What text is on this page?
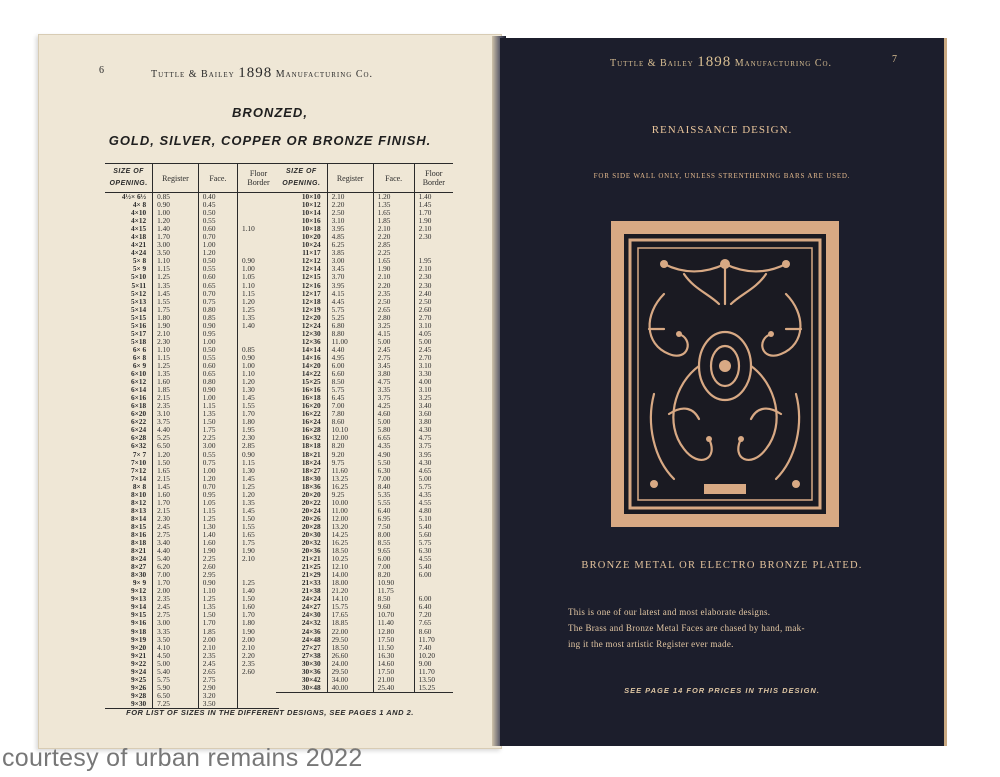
6	Tuttle & Bailey 1898 Manufacturing Co.
BRONZED,
GOLD, SILVER, COPPER OR BRONZE FINISH.
SIZE OF OPENING.	Register	Face.	Floor Border
4½× 6½	0.85	0.40	
4× 8	0.90	0.45	
4×10	1.00	0.50	
4×12	1.20	0.55	
4×15	1.40	0.60	1.10
4×18	1.70	0.70	
4×21	3.00	1.00	
4×24	3.50	1.20	
5× 8	1.10	0.50	0.90
5× 9	1.15	0.55	1.00
5×10	1.25	0.60	1.05
5×11	1.35	0.65	1.10
5×12	1.45	0.70	1.15
5×13	1.55	0.75	1.20
5×14	1.75	0.80	1.25
5×15	1.80	0.85	1.35
5×16	1.90	0.90	1.40
5×17	2.10	0.95	
5×18	2.30	1.00	
6× 6	1.10	0.50	0.85
6× 8	1.15	0.55	0.90
6× 9	1.25	0.60	1.00
6×10	1.35	0.65	1.10
6×12	1.60	0.80	1.20
6×14	1.85	0.90	1.30
6×16	2.15	1.00	1.45
6×18	2.35	1.15	1.55
6×20	3.10	1.35	1.70
6×22	3.75	1.50	1.80
6×24	4.40	1.75	1.95
6×28	5.25	2.25	2.30
6×32	6.50	3.00	2.85
7× 7	1.20	0.55	0.90
7×10	1.50	0.75	1.15
7×12	1.65	1.00	1.30
7×14	2.15	1.20	1.45
8× 8	1.45	0.70	1.25
8×10	1.60	0.95	1.20
8×12	1.70	1.05	1.35
8×13	2.15	1.15	1.45
8×14	2.30	1.25	1.50
8×15	2.45	1.30	1.55
8×16	2.75	1.40	1.65
8×18	3.40	1.60	1.75
8×21	4.40	1.90	1.90
8×24	5.40	2.25	2.10
8×27	6.20	2.60	
8×30	7.00	2.95	
9× 9	1.70	0.90	1.25
9×12	2.00	1.10	1.40
9×13	2.35	1.25	1.50
9×14	2.45	1.35	1.60
9×15	2.75	1.50	1.70
9×16	3.00	1.70	1.80
9×18	3.35	1.85	1.90
9×19	3.50	2.00	2.00
9×20	4.10	2.10	2.10
9×21	4.50	2.35	2.20
9×22	5.00	2.45	2.35
9×24	5.40	2.65	2.60
9×25	5.75	2.75	
9×26	5.90	2.90	
9×28	6.50	3.20	
9×30	7.25	3.50	
SIZE OF OPENING.	Register	Face.	Floor Border
10×10	2.10	1.20	1.40
10×12	2.20	1.35	1.45
10×14	2.50	1.65	1.70
10×16	3.10	1.85	1.90
10×18	3.95	2.10	2.10
10×20	4.85	2.20	2.30
10×24	6.25	2.85	
11×17	3.85	2.25	
12×12	3.00	1.65	1.95
12×14	3.45	1.90	2.10
12×15	3.70	2.10	2.30
12×16	3.95	2.20	2.30
12×17	4.15	2.35	2.40
12×18	4.45	2.50	2.50
12×19	5.75	2.65	2.60
12×20	5.25	2.80	2.70
12×24	6.80	3.25	3.10
12×30	8.80	4.15	4.05
12×36	11.00	5.00	5.00
14×14	4.40	2.45	2.45
14×16	4.95	2.75	2.70
14×20	6.00	3.45	3.10
14×22	6.60	3.80	3.30
15×25	8.50	4.75	4.00
16×16	5.75	3.35	3.10
16×18	6.45	3.75	3.25
16×20	7.00	4.25	3.40
16×22	7.80	4.60	3.60
16×24	8.60	5.00	3.80
16×28	10.10	5.80	4.30
16×32	12.00	6.65	4.75
18×18	8.20	4.35	3.75
18×21	9.20	4.90	3.95
18×24	9.75	5.50	4.30
18×27	11.60	6.30	4.65
18×30	13.25	7.00	5.00
18×36	16.25	8.40	5.75
20×20	9.25	5.35	4.35
20×22	10.00	5.55	4.55
20×24	11.00	6.40	4.80
20×26	12.00	6.95	5.10
20×28	13.20	7.50	5.40
20×30	14.25	8.00	5.60
20×32	16.25	8.55	5.75
20×36	18.50	9.65	6.30
21×21	10.25	6.00	4.55
21×25	12.10	7.00	5.40
21×29	14.00	8.20	6.00
21×33	18.00	10.90	
21×38	21.20	11.75	
24×24	14.10	8.50	6.00
24×27	15.75	9.60	6.40
24×30	17.65	10.70	7.20
24×32	18.85	11.40	7.65
24×36	22.00	12.80	8.60
24×48	29.50	17.50	11.70
27×27	18.50	11.50	7.40
27×38	26.60	16.30	10.20
30×30	24.00	14.60	9.00
30×36	29.50	17.50	11.70
30×42	34.00	21.00	13.50
30×48	40.00	25.40	15.25
FOR LIST OF SIZES IN THE DIFFERENT DESIGNS, SEE PAGES 1 AND 2.
Tuttle & Bailey 1898 Manufacturing Co.	7
RENAISSANCE DESIGN.
FOR SIDE WALL ONLY, UNLESS STRENTHENING BARS ARE USED.
BRONZE METAL OR ELECTRO BRONZE PLATED.
This is one of our latest and most elaborate designs.
The Brass and Bronze Metal Faces are chased by hand, mak-
ing it the most artistic Register ever made.
SEE PAGE 14 FOR PRICES IN THIS DESIGN.
courtesy of urban remains 2022
